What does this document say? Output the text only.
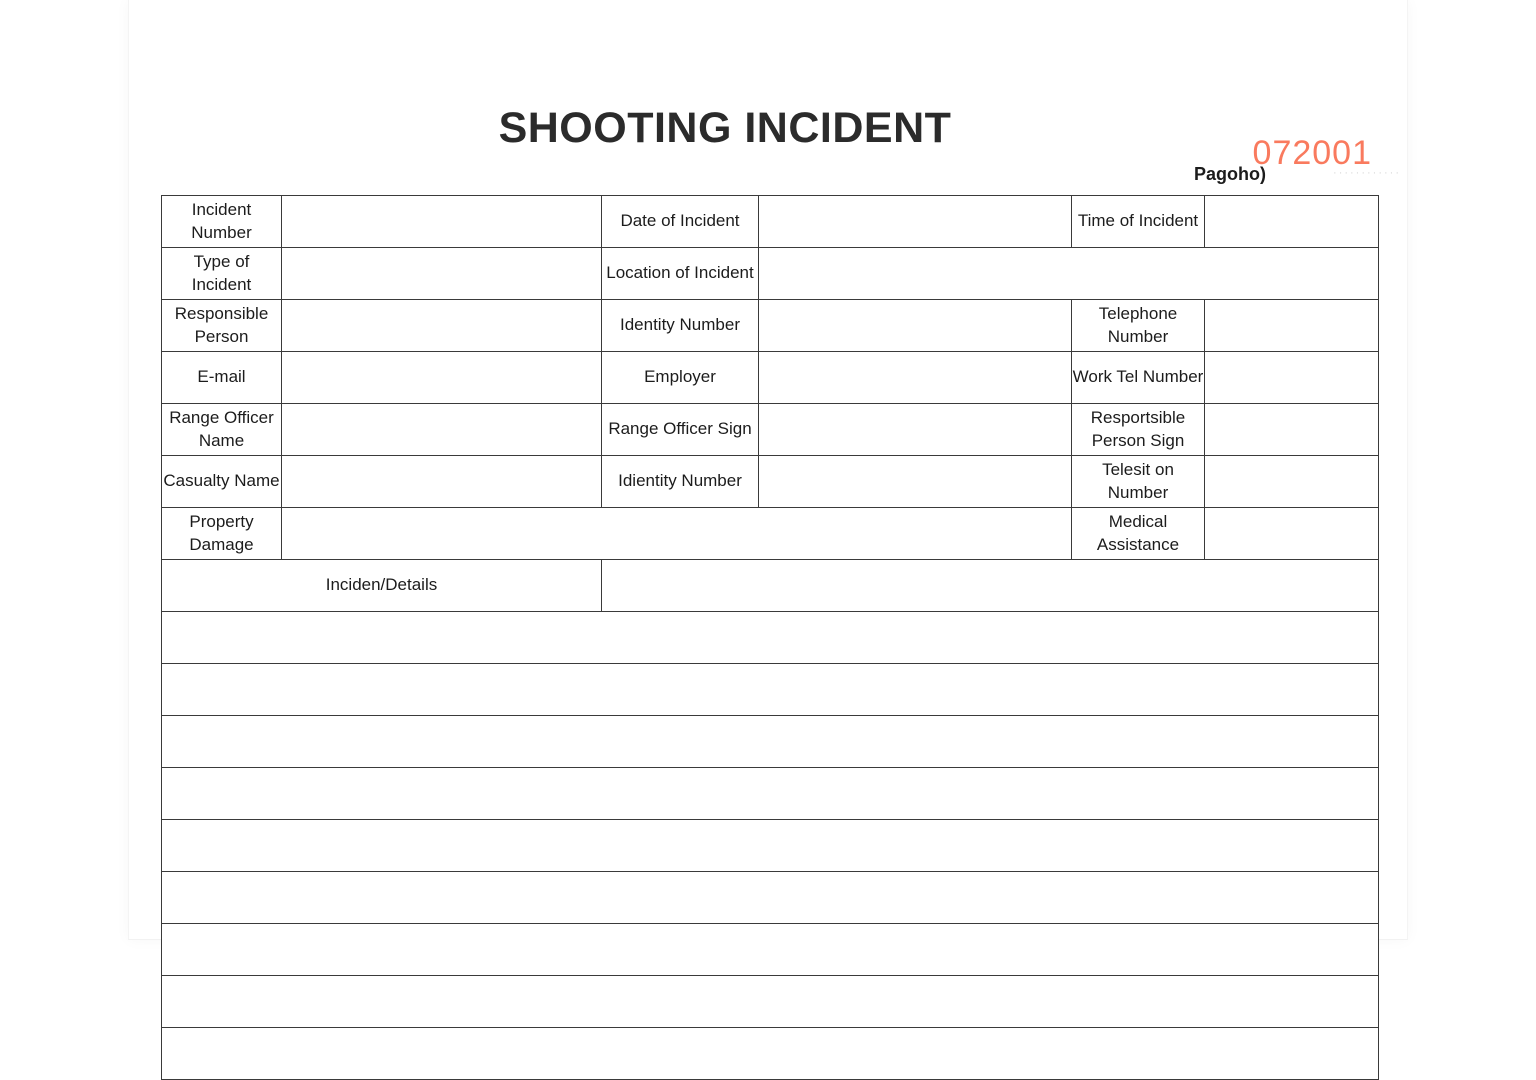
SHOOTING INCIDENT
072001
Pagoho)	············
Incident Number		Date of Incident		Time of Incident	
Type of Incident		Location of Incident			
Responsible Person		Identity Number		Telephone Number	
E-mail		Employer		Work Tel Number	
Range Officer Name		Range Officer Sign		Resportsible Person Sign	
Casualty Name		Idientity Number		Telesit on Number	
Property Damage				Medical Assistance	
Inciden/Details					
